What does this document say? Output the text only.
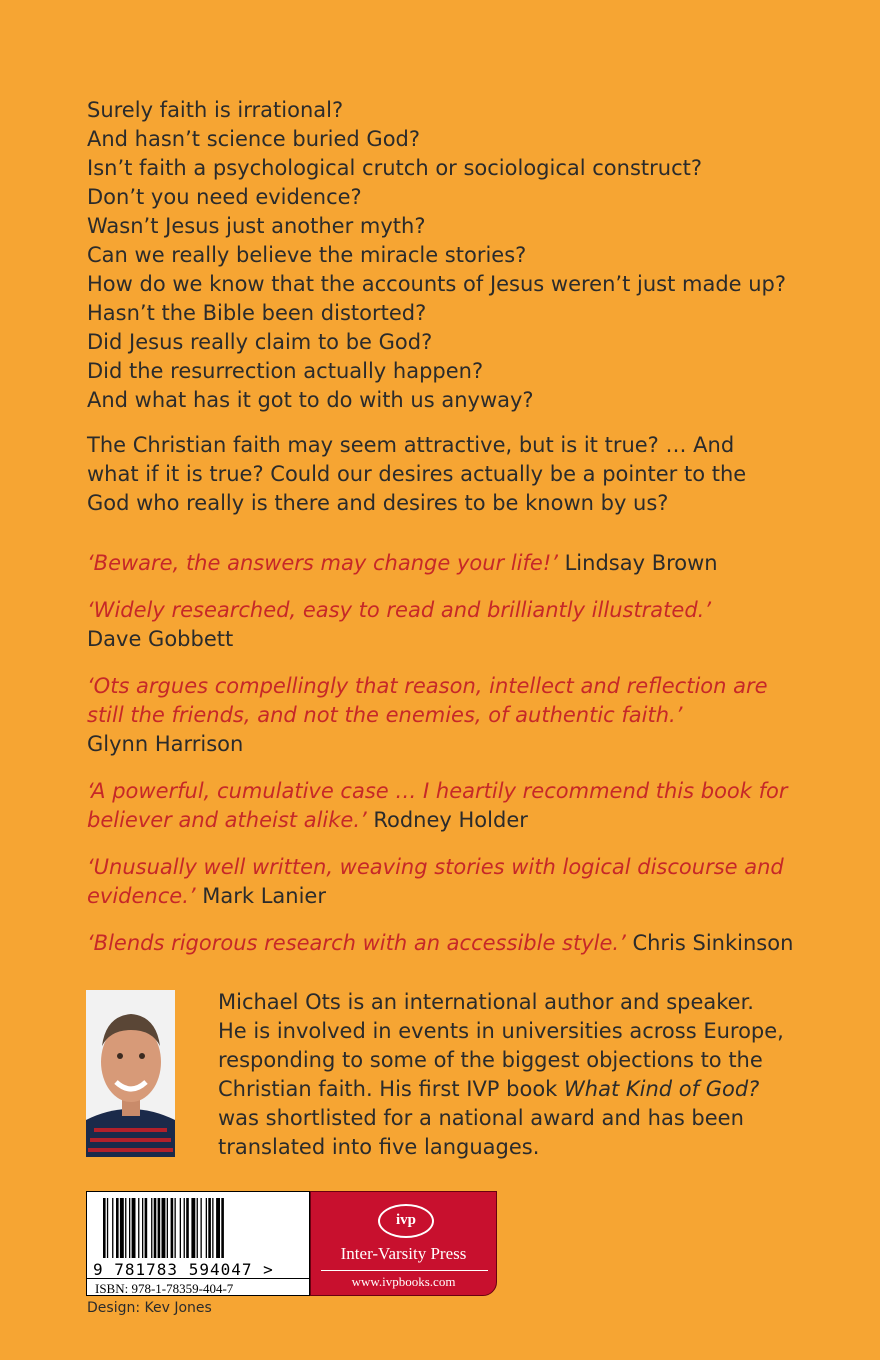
Surely faith is irrational?
And hasn’t science buried God?
Isn’t faith a psychological crutch or sociological construct?
Don’t you need evidence?
Wasn’t Jesus just another myth?
Can we really believe the miracle stories?
How do we know that the accounts of Jesus weren’t just made up?
Hasn’t the Bible been distorted?
Did Jesus really claim to be God?
Did the resurrection actually happen?
And what has it got to do with us anyway?
The Christian faith may seem attractive, but is it true? … And what if it is true? Could our desires actually be a pointer to the God who really is there and desires to be known by us?
‘Beware, the answers may change your life!’ Lindsay Brown
‘Widely researched, easy to read and brilliantly illustrated.’
Dave Gobbett
‘Ots argues compellingly that reason, intellect and reflection are still the friends, and not the enemies, of authentic faith.’
Glynn Harrison
‘A powerful, cumulative case … I heartily recommend this book for believer and atheist alike.’ Rodney Holder
‘Unusually well written, weaving stories with logical discourse and evidence.’ Mark Lanier
‘Blends rigorous research with an accessible style.’ Chris Sinkinson
Michael Ots is an international author and speaker.
He is involved in events in universities across Europe,
responding to some of the biggest objections to the
Christian faith. His first IVP book What Kind of God?
was shortlisted for a national award and has been
translated into five languages.
9 781783 594047 >
ISBN: 978-1-78359-404-7
ivp
Inter-Varsity Press
www.ivpbooks.com
Design: Kev Jones
